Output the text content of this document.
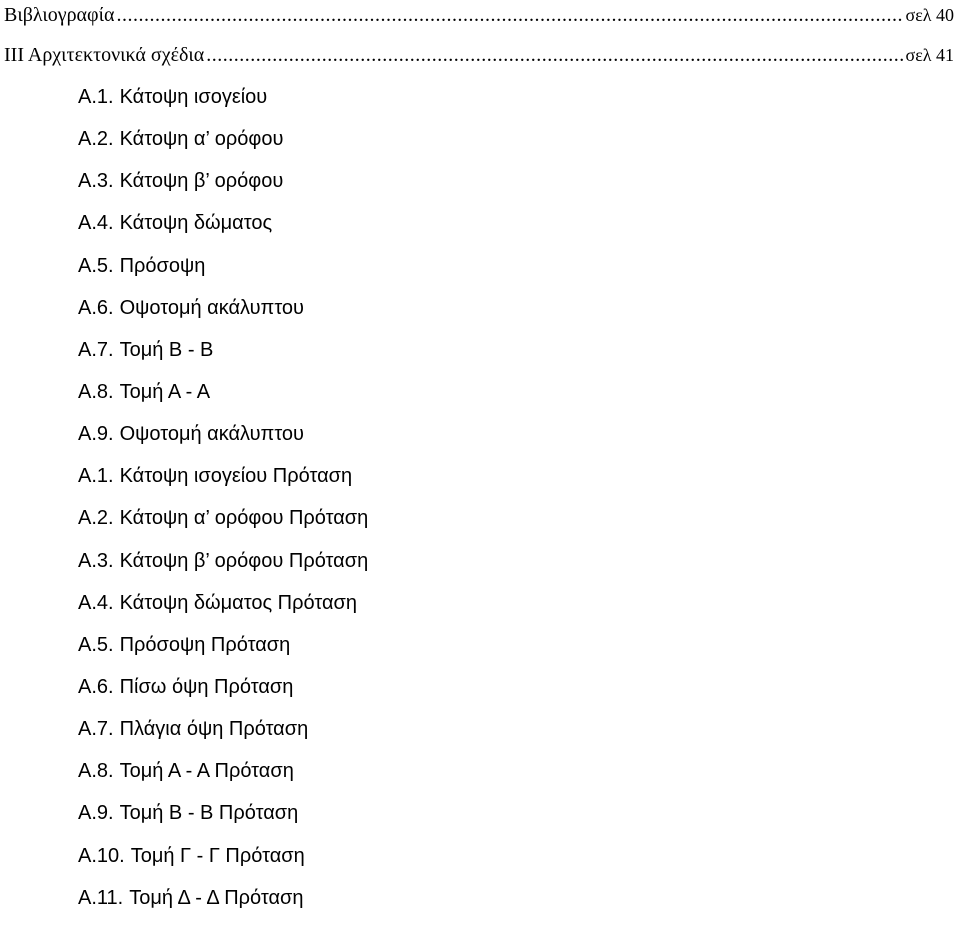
Βιβλιογραφία .....	σελ 40
ΙΙΙ Αρχιτεκτονικά σχέδια .....	σελ 41
Α.1. Κάτοψη ισογείου
Α.2. Κάτοψη α’ ορόφου
Α.3. Κάτοψη β’ ορόφου
Α.4. Κάτοψη δώματος
Α.5. Πρόσοψη
Α.6. Οψοτομή ακάλυπτου
Α.7. Τομή Β - Β
Α.8. Τομή Α - Α
Α.9. Οψοτομή ακάλυπτου
Α.1. Κάτοψη ισογείου Πρόταση
Α.2. Κάτοψη α’ ορόφου Πρόταση
Α.3. Κάτοψη β’ ορόφου Πρόταση
Α.4. Κάτοψη δώματος Πρόταση
Α.5. Πρόσοψη Πρόταση
Α.6. Πίσω όψη Πρόταση
Α.7. Πλάγια όψη Πρόταση
Α.8. Τομή Α - Α Πρόταση
Α.9. Τομή Β - Β Πρόταση
Α.10. Τομή Γ - Γ Πρόταση
Α.11. Τομή Δ - Δ Πρόταση
